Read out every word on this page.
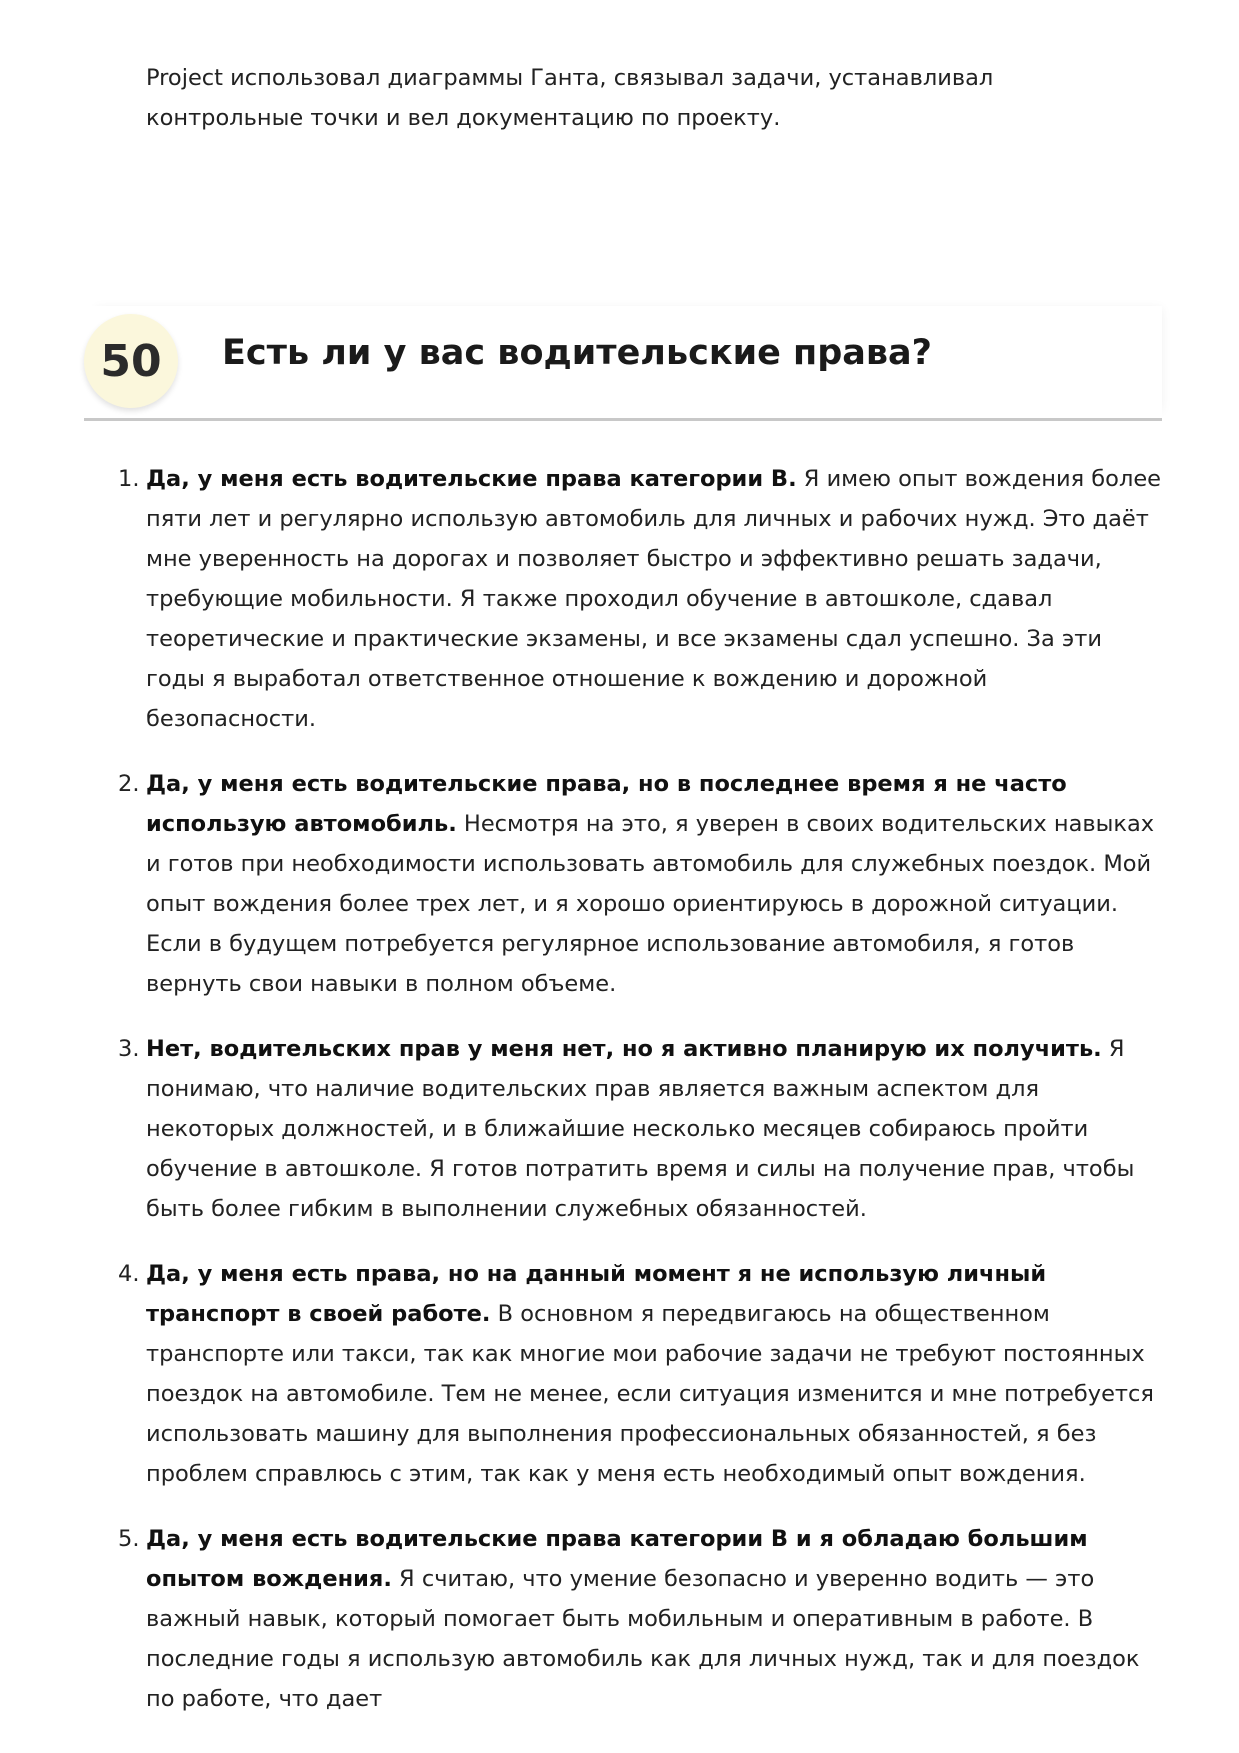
Project использовал диаграммы Ганта, связывал задачи, устанавливал контрольные точки и вел документацию по проекту.

50	Есть ли у вас водительские права?
1. Да, у меня есть водительские права категории B. Я имею опыт вождения более пяти лет и регулярно использую автомобиль для личных и рабочих нужд. Это даёт мне уверенность на дорогах и позволяет быстро и эффективно решать задачи, требующие мобильности. Я также проходил обучение в автошколе, сдавал теоретические и практические экзамены, и все экзамены сдал успешно. За эти годы я выработал ответственное отношение к вождению и дорожной безопасности.
2. Да, у меня есть водительские права, но в последнее время я не часто использую автомобиль. Несмотря на это, я уверен в своих водительских навыках и готов при необходимости использовать автомобиль для служебных поездок. Мой опыт вождения более трех лет, и я хорошо ориентируюсь в дорожной ситуации. Если в будущем потребуется регулярное использование автомобиля, я готов вернуть свои навыки в полном объеме.
3. Нет, водительских прав у меня нет, но я активно планирую их получить. Я понимаю, что наличие водительских прав является важным аспектом для некоторых должностей, и в ближайшие несколько месяцев собираюсь пройти обучение в автошколе. Я готов потратить время и силы на получение прав, чтобы быть более гибким в выполнении служебных обязанностей.
4. Да, у меня есть права, но на данный момент я не использую личный транспорт в своей работе. В основном я передвигаюсь на общественном транспорте или такси, так как многие мои рабочие задачи не требуют постоянных поездок на автомобиле. Тем не менее, если ситуация изменится и мне потребуется использовать машину для выполнения профессиональных обязанностей, я без проблем справлюсь с этим, так как у меня есть необходимый опыт вождения.
5. Да, у меня есть водительские права категории B и я обладаю большим опытом вождения. Я считаю, что умение безопасно и уверенно водить — это важный навык, который помогает быть мобильным и оперативным в работе. В последние годы я использую автомобиль как для личных нужд, так и для поездок по работе, что дает
